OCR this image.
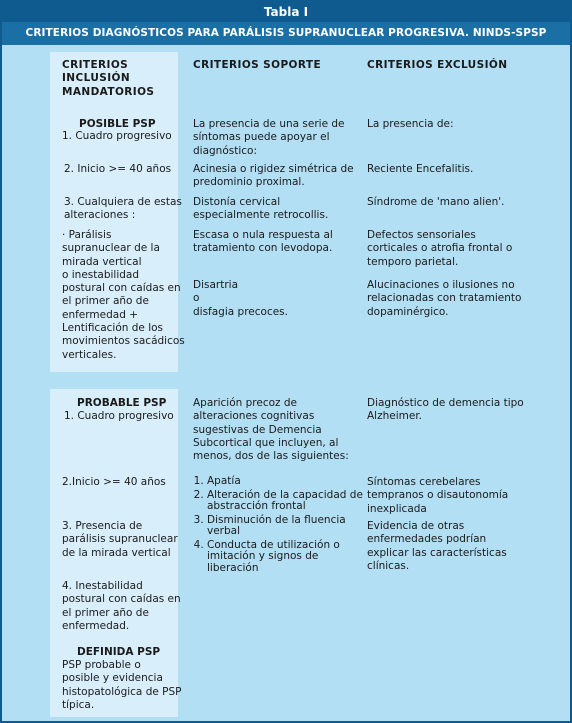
Tabla I
CRITERIOS DIAGNÓSTICOS PARA PARÁLISIS SUPRANUCLEAR PROGRESIVA. NINDS-SPSP

CRITERIOS
INCLUSIÓN
MANDATORIOS

CRITERIOS SOPORTE	CRITERIOS EXCLUSIÓN

POSIBLE PSP

1. Cuadro progresivo

2. Inicio >= 40 años

3. Cualquiera de estas
alteraciones :

· Parálisis
supranuclear de la
mirada vertical
o inestabilidad
postural con caídas en
el primer año de
enfermedad +
Lentificación de los
movimientos sacádicos
verticales.

La presencia de una serie de
síntomas puede apoyar el
diagnóstico:

Acinesia o rigidez simétrica de
predominio proximal.

Distonía cervical
especialmente retrocollis.

Escasa o nula respuesta al
tratamiento con levodopa.

Disartria
o
disfagia precoces.

La presencia de:

Reciente Encefalitis.

Síndrome de 'mano alien'.

Defectos sensoriales
corticales o atrofia frontal o
temporo parietal.

Alucinaciones o ilusiones no
relacionadas con tratamiento
dopaminérgico.

PROBABLE PSP

1. Cuadro progresivo

2.Inicio >= 40 años

3. Presencia de
parálisis supranuclear
de la mirada vertical

4. Inestabilidad
postural con caídas en
el primer año de
enfermedad.

DEFINIDA PSP

PSP probable o
posible y evidencia
histopatológica de PSP
típica.

Aparición precoz de
alteraciones cognitivas
sugestivas de Demencia
Subcortical que incluyen, al
menos, dos de las siguientes:

1. Apatía
2. Alteración de la capacidad de abstracción frontal
3. Disminución de la fluencia verbal
4. Conducta de utilización o imitación y signos de liberación

Diagnóstico de demencia tipo
Alzheimer.

Síntomas cerebelares
tempranos o disautonomía
inexplicada

Evidencia de otras
enfermedades podrían
explicar las características
clínicas.
